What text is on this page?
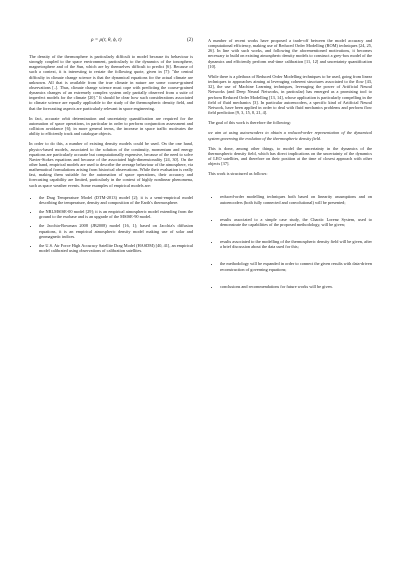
ρ = ρ(r, θ, ϕ, t)	(2)

The density of the thermosphere is particularly difficult to model because its behaviour is strongly coupled to the space environment, particularly to the dynamics of the ionosphere, magnetosphere and of the Sun, which are by themselves difficult to predict [6]. Because of such a context, it is interesting to restate the following quote, given in [7]: "the central difficulty in climate change science is that the dynamical equations for the actual climate are unknown. All that is available from the true climate in nature are some coarse-grained observations [..]. Thus, climate change science must cope with predicting the coarse-grained dynamics changes of an extremely complex system only partially observed from a suite of imperfect models for the climate [20]." It should be clear how such considerations associated to climate science are equally applicable to the study of the thermospheric density field, and that the forecasting aspects are particularly relevant in space engineering.

In fact, accurate orbit determination and uncertainty quantification are required for the automation of space operations, in particular in order to perform conjunction assessment and collision avoidance [6]; in more general terms, the increase in space traffic motivates the ability to efficiently track and catalogue objects.

In order to do this, a number of existing density models could be used. On the one hand, physics-based models, associated to the solution of the continuity, momentum and energy equations are particularly accurate but computationally expensive, because of the need to solve Navier-Stokes equations and because of the associated high-dimensionality [24, 30]. On the other hand, empirical models are used to describe the average behaviour of the atmosphere, via mathematical formulations arising from historical observations. While their evaluation is really fast, making them suitable for the automation of space operations, their accuracy and forecasting capability are limited, particularly in the context of highly nonlinear phenomena, such as space weather events. Some examples of empirical models are:

• the Drag Temperature Model (DTM-2013) model [2]; it is a semi-empirical model describing the temperature, density and composition of the Earth's thermosphere.
• the NRLMSISE-00 model [29]; it is an empirical atmospheric model extending from the ground to the exobase and is an upgrade of the MSISE-90 model.
• the Jacchia-Bowman 2008 (JB2008) model [16, 1]; based on Jacchia's diffusion equations, it is an empirical atmospheric density model making use of solar and geomagnetic indices.
• the U.S. Air Force High Accuracy Satellite Drag Model (HASDM) [40, 41], an empirical model calibrated using observations of calibration satellites.

A number of recent works have proposed a trade-off between the model accuracy and computational efficiency, making use of Reduced Order Modelling (ROM) techniques [24, 25, 26]. In line with such works, and following the aforementioned motivations, it becomes necessary to build on existing atmospheric density models to construct a grey-box model of the dynamics and efficiently perform real-time calibration [11, 12] and uncertainty quantification [10].

While there is a plethora of Reduced Order Modelling techniques to be used, going from linear techniques to approaches aiming at leveraging coherent structures associated to the flow [43, 32], the use of Machine Learning techniques, leveraging the power of Artificial Neural Networks (and Deep Neural Networks, in particular) has emerged as a promising tool to perform Reduced Order Modelling [13, 14], whose application is particularly compelling in the field of fluid mechanics [3]. In particular autoencoders, a specific kind of Artificial Neural Network, have been applied in order to deal with fluid mechanics problems and perform flow field prediction [9, 3, 15, 8, 21, 4].

The goal of this work is therefore the following:

we aim at using autoencoders to obtain a reduced-order representation of the dynamical system governing the evolution of the thermospheric density field.

This is done, among other things, to model the uncertainty in the dynamics of the thermospheric density field, which has direct implications on the uncertainty of the dynamics of LEO satellites, and therefore on their position at the time of closest approach with other objects [37].

This work is structured as follows:

• reduced-order modelling techniques both based on linearity assumptions and on autoencoders (both fully connected and convolutional) will be presented;
• results associated to a simple case study, the Chaotic Lorenz System, used to demonstrate the capabilities of the proposed methodology, will be given;
• results associated to the modelling of the thermospheric density field will be given, after a brief discussion about the data used for this;
• the methodology will be expanded in order to connect the given results with data-driven reconstruction of governing equations;
• conclusions and recommendations for future works will be given.
